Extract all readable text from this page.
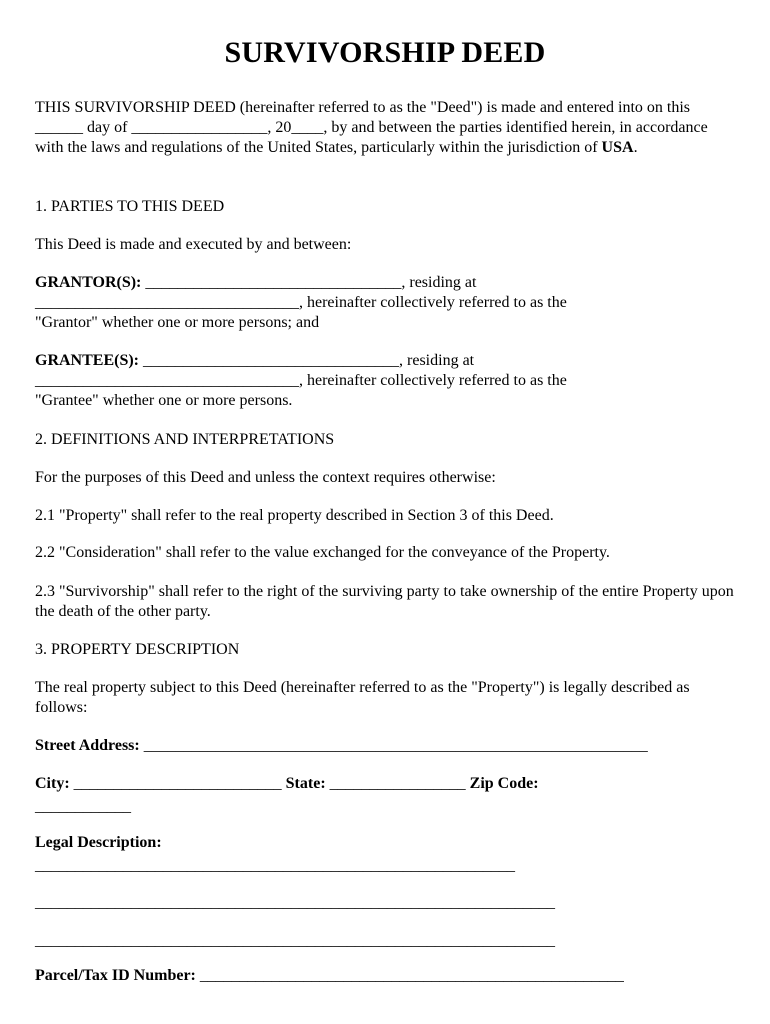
SURVIVORSHIP DEED

THIS SURVIVORSHIP DEED (hereinafter referred to as the "Deed") is made and entered into on this ______ day of _________________, 20____, by and between the parties identified herein, in accordance with the laws and regulations of the United States, particularly within the jurisdiction of USA.

1. PARTIES TO THIS DEED

This Deed is made and executed by and between:

GRANTOR(S): ________________________________, residing at
_________________________________, hereinafter collectively referred to as the
"Grantor" whether one or more persons; and

GRANTEE(S): ________________________________, residing at
_________________________________, hereinafter collectively referred to as the
"Grantee" whether one or more persons.

2. DEFINITIONS AND INTERPRETATIONS

For the purposes of this Deed and unless the context requires otherwise:

2.1 "Property" shall refer to the real property described in Section 3 of this Deed.

2.2 "Consideration" shall refer to the value exchanged for the conveyance of the Property.

2.3 "Survivorship" shall refer to the right of the surviving party to take ownership of the entire Property upon the death of the other party.

3. PROPERTY DESCRIPTION

The real property subject to this Deed (hereinafter referred to as the "Property") is legally described as follows:

Street Address: _______________________________________________________________

City: __________________________ State: _________________ Zip Code:

____________

Legal Description:

____________________________________________________________

_________________________________________________________________

_________________________________________________________________

Parcel/Tax ID Number: _____________________________________________________
